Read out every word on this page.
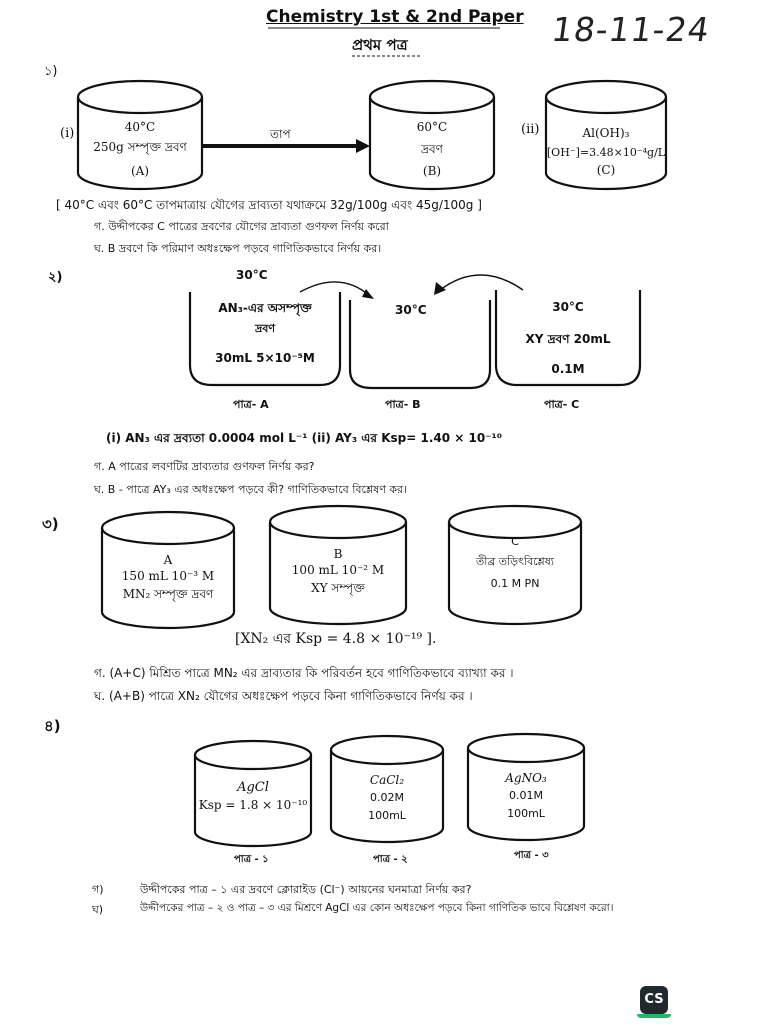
Chemistry 1st & 2nd Paper
প্রথম পত্র	18-11-24
১)
(i)	40°C
250g সম্পৃক্ত দ্রবণ
(A)
তাপ	60°C
দ্রবণ
(B)
(ii)	Al(OH)₃
[OH⁻]=3.48×10⁻⁴g/L
(C)
[ 40°C এবং 60°C তাপমাত্রায় যৌগের দ্রাব্যতা যথাক্রমে 32g/100g এবং 45g/100g ]
গ. উদ্দীপকের C পাত্রের দ্রবণের যৌগের দ্রাব্যতা গুণফল নির্ণয় করো
ঘ. B দ্রবণে কি পরিমাণ অধঃক্ষেপ পড়বে গাণিতিকভাবে নির্ণয় কর।
২)	30°C
AN₃-এর অসম্পৃক্ত
দ্রবণ
30mL 5×10⁻⁵M
30°C	30°C
XY দ্রবণ 20mL
0.1M
পাত্র- A	পাত্র- B	পাত্র- C
(i) AN₃ এর দ্রব্যতা 0.0004 mol L⁻¹ (ii) AY₃ এর Ksp= 1.40 × 10⁻¹⁰
গ. A পাত্রের লবণটির দ্রাব্যতার গুণফল নির্ণয় কর?
ঘ. B - পাত্রে AY₃ এর অধঃক্ষেপ পড়বে কী? গাণিতিকভাবে বিশ্লেষণ কর।
৩)
A
150 mL 10⁻³ M
MN₂ সম্পৃক্ত দ্রবণ
B
100 mL 10⁻² M
XY সম্পৃক্ত
C
তীব্র তড়িৎবিশ্লেষ্য
0.1 M PN
[XN₂ এর Ksp = 4.8 × 10⁻¹⁹ ].
গ. (A+C) মিশ্রিত পাত্রে MN₂ এর দ্রাব্যতার কি পরিবর্তন হবে গাণিতিকভাবে ব্যাখ্যা কর ।
ঘ. (A+B) পাত্রে XN₂ যৌগের অধঃক্ষেপ পড়বে কিনা গাণিতিকভাবে নির্ণয় কর ।
৪)
AgCl
Ksp = 1.8 × 10⁻¹⁰
CaCl₂
0.02M
100mL
AgNO₃
0.01M
100mL
পাত্র - ১	পাত্র - ২	পাত্র - ৩
গ)	উদ্দীপকের পাত্র – ১ এর দ্রবণে ক্লোরাইড (Cl⁻) আয়নের ঘনমাত্রা নির্ণয় কর?
ঘ)	উদ্দীপকের পাত্র – ২ ও পাত্র – ৩ এর মিশ্রণে AgCl এর কোন অধঃক্ষেপ পড়বে কিনা গাণিতিক ভাবে বিশ্লেষণ করো।
CS
